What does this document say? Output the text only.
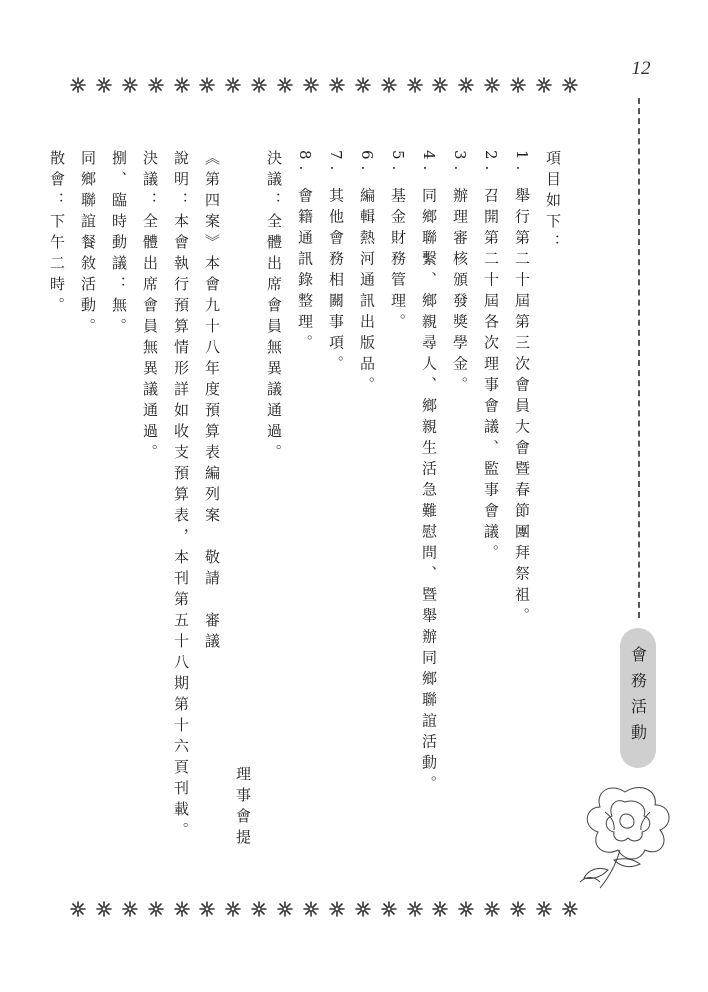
12
會務活動

項目如下：

1. 舉行第二十屆第三次會員大會暨春節團拜祭祖。

2. 召開第二十屆各次理事會議、監事會議。

3. 辦理審核頒發獎學金。

4. 同鄉聯繫、鄉親尋人、鄉親生活急難慰問、暨舉辦同鄉聯誼活動。

5. 基金財務管理。

6. 編輯熱河通訊出版品。

7. 其他會務相關事項。

8. 會籍通訊錄整理。

決議：全體出席會員無異議通過。

理事會提

《第四案》本會九十八年度預算表編列案　敬請　審議

說明：本會執行預算情形詳如收支預算表，本刊第五十八期第十六頁刊載。

決議：全體出席會員無異議通過。

捌、臨時動議：無。

同鄉聯誼餐敘活動。

散會：下午二時。
